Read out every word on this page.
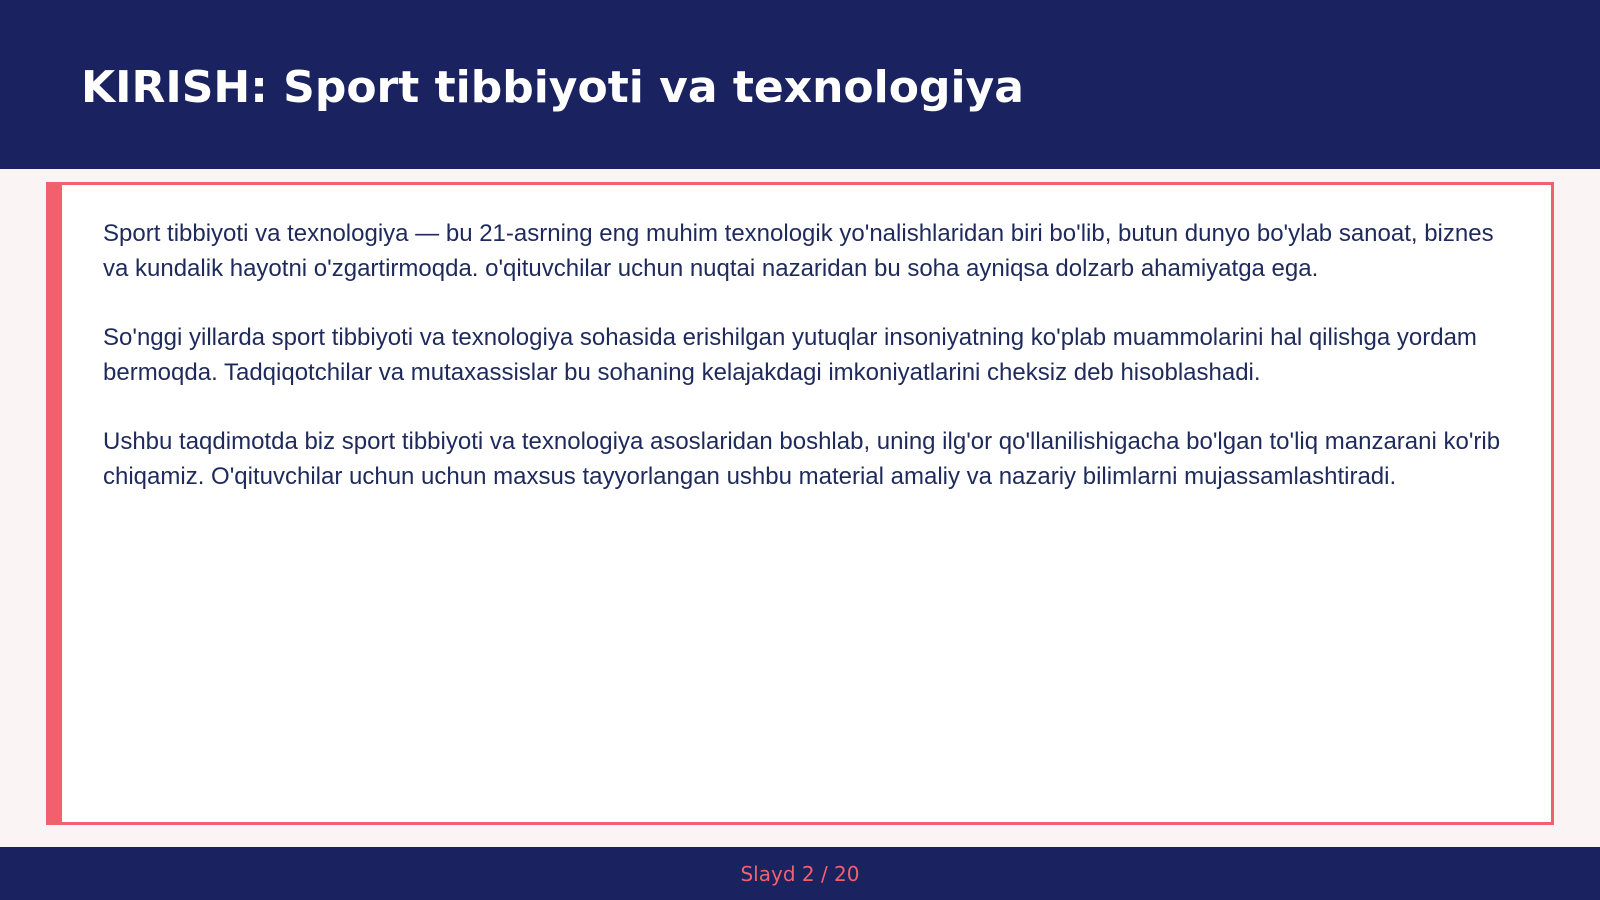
KIRISH: Sport tibbiyoti va texnologiya

Sport tibbiyoti va texnologiya — bu 21-asrning eng muhim texnologik yo'nalishlaridan biri bo'lib, butun dunyo bo'ylab sanoat, biznes va kundalik hayotni o'zgartirmoqda. o'qituvchilar uchun nuqtai nazaridan bu soha ayniqsa dolzarb ahamiyatga ega.

So'nggi yillarda sport tibbiyoti va texnologiya sohasida erishilgan yutuqlar insoniyatning ko'plab muammolarini hal qilishga yordam bermoqda. Tadqiqotchilar va mutaxassislar bu sohaning kelajakdagi imkoniyatlarini cheksiz deb hisoblashadi.

Ushbu taqdimotda biz sport tibbiyoti va texnologiya asoslaridan boshlab, uning ilg'or qo'llanilishigacha bo'lgan to'liq manzarani ko'rib chiqamiz. O'qituvchilar uchun uchun maxsus tayyorlangan ushbu material amaliy va nazariy bilimlarni mujassamlashtiradi.

Slayd 2 / 20
